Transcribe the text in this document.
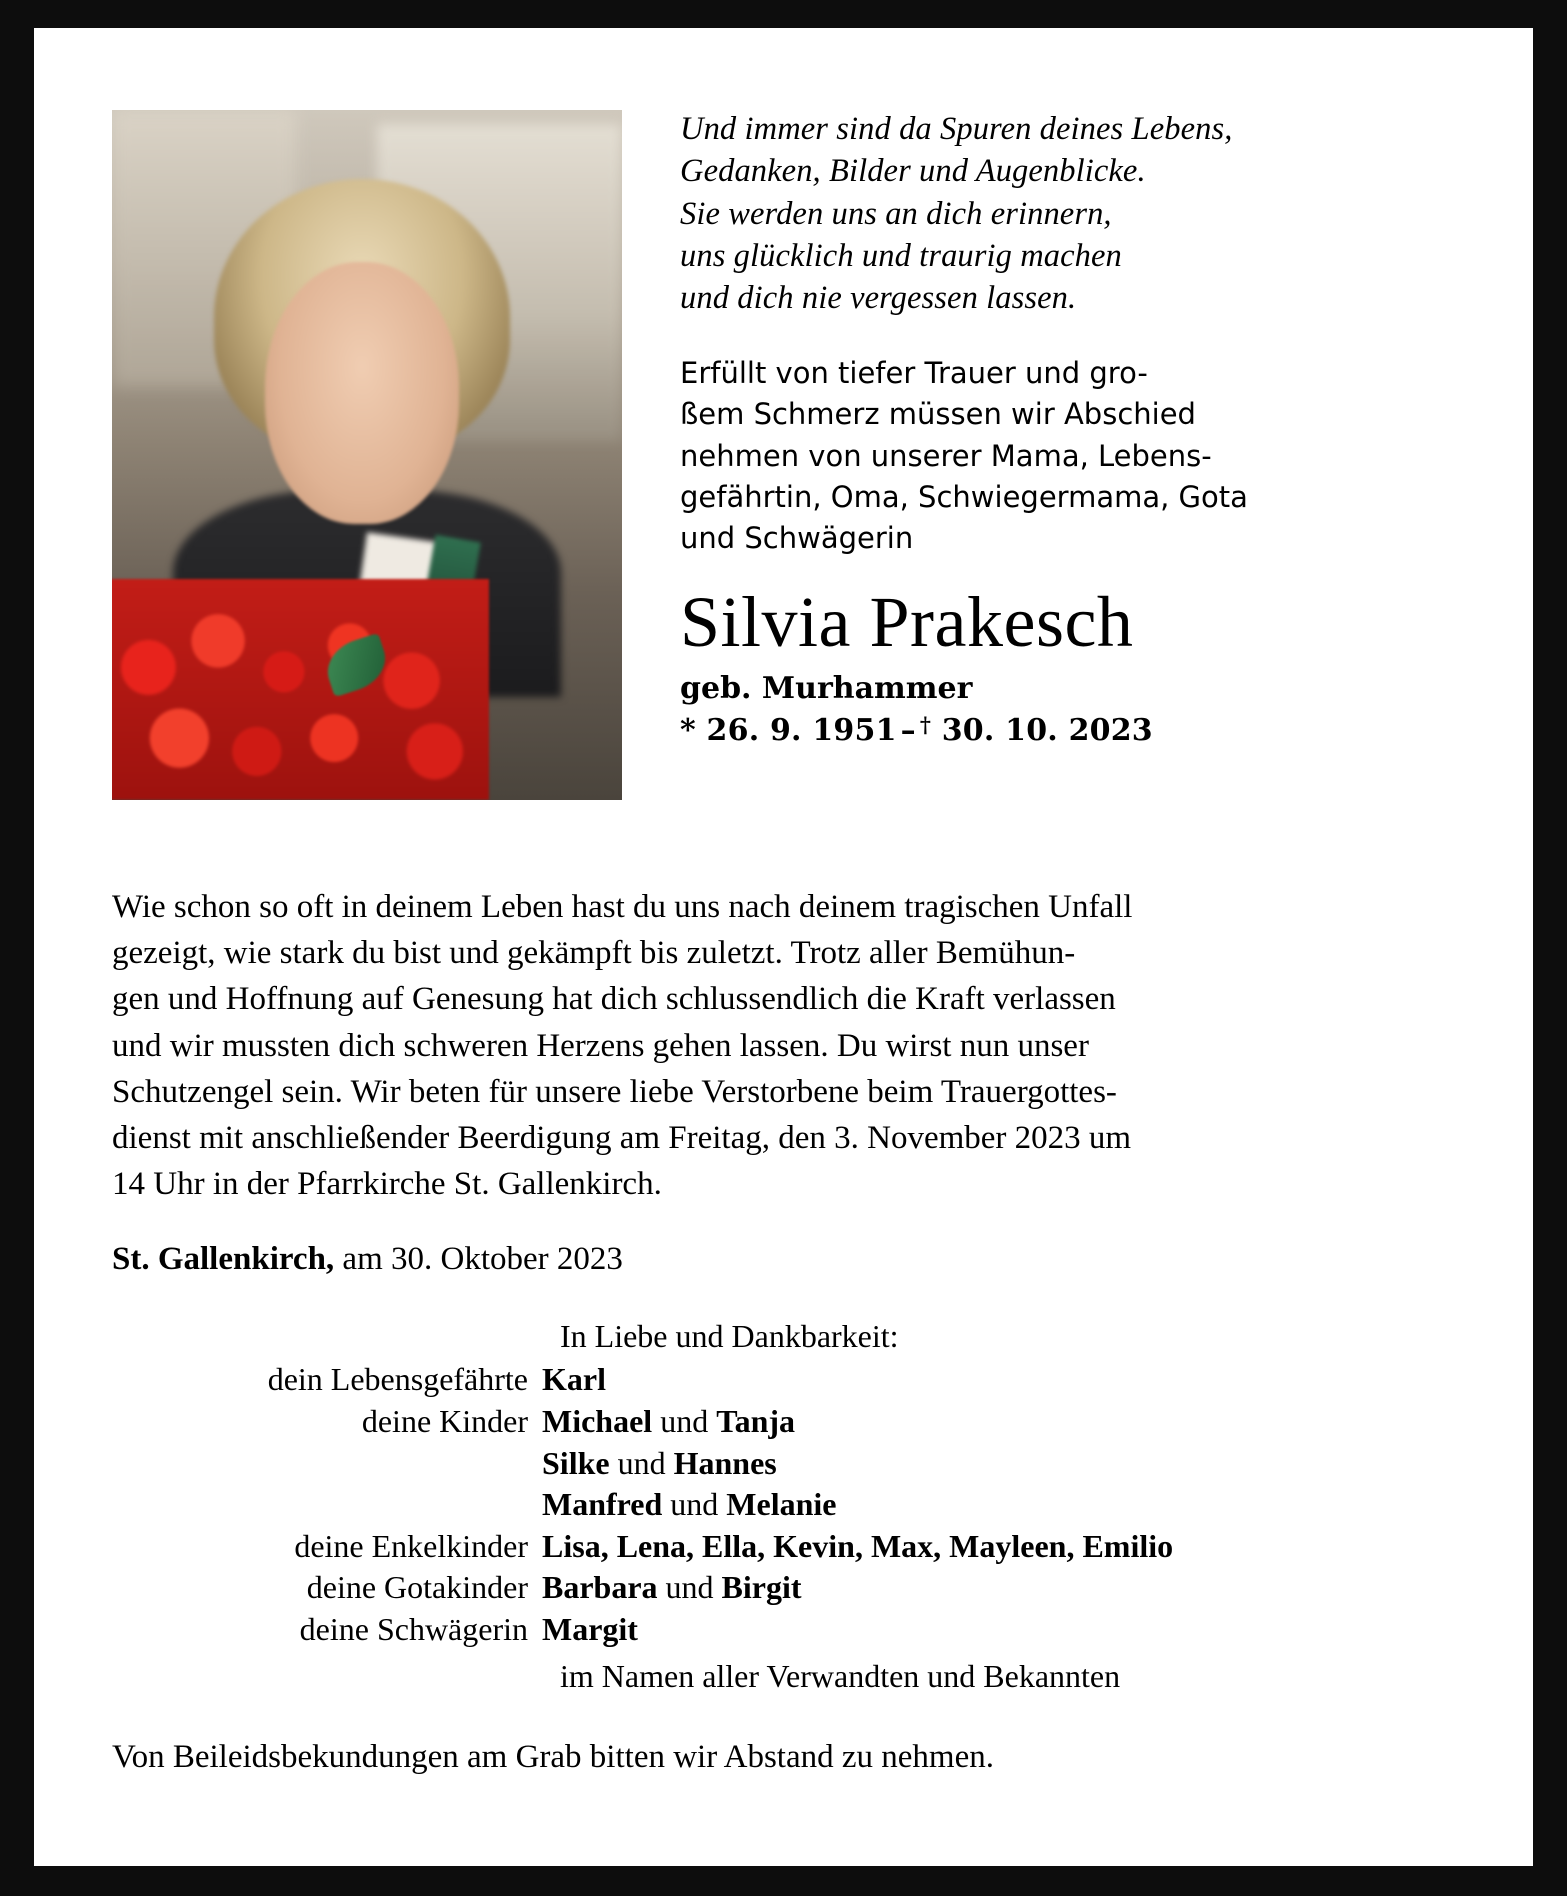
Und immer sind da Spuren deines Lebens,
Gedanken, Bilder und Augenblicke.
Sie werden uns an dich erinnern,
uns glücklich und traurig machen
und dich nie vergessen lassen.
Erfüllt von tiefer Trauer und gro-
ßem Schmerz müssen wir Abschied
nehmen von unserer Mama, Lebens-
gefährtin, Oma, Schwiegermama, Gota
und Schwägerin
Silvia Prakesch
geb. Murhammer
* 26. 9. 1951 – † 30. 10. 2023
Wie schon so oft in deinem Leben hast du uns nach deinem tragischen Unfall
gezeigt, wie stark du bist und gekämpft bis zuletzt. Trotz aller Bemühun-
gen und Hoffnung auf Genesung hat dich schlussendlich die Kraft verlassen
und wir mussten dich schweren Herzens gehen lassen. Du wirst nun unser
Schutzengel sein. Wir beten für unsere liebe Verstorbene beim Trauergottes-
dienst mit anschließender Beerdigung am Freitag, den 3. November 2023 um
14 Uhr in der Pfarrkirche St. Gallenkirch.
St. Gallenkirch, am 30. Oktober 2023
In Liebe und Dankbarkeit:
dein Lebensgefährte Karl
deine Kinder Michael und Tanja
Silke und Hannes
Manfred und Melanie
deine Enkelkinder Lisa, Lena, Ella, Kevin, Max, Mayleen, Emilio
deine Gotakinder Barbara und Birgit
deine Schwägerin Margit
im Namen aller Verwandten und Bekannten
Von Beileidsbekundungen am Grab bitten wir Abstand zu nehmen.
